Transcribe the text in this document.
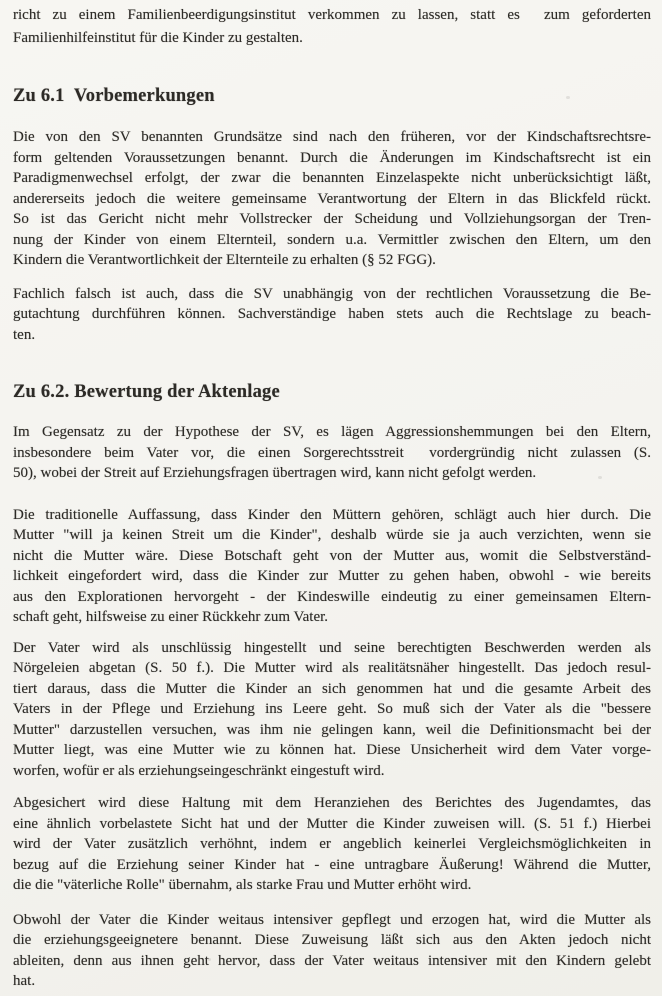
richt zu einem Familienbeerdigungsinstitut verkommen zu lassen, statt es  zum geforderten
Familienhilfeinstitut für die Kinder zu gestalten.
Zu 6.1  Vorbemerkungen
Die von den SV benannten Grundsätze sind nach den früheren, vor der Kindschaftsrechtsre-
form geltenden Voraussetzungen benannt. Durch die Änderungen im Kindschaftsrecht ist ein
Paradigmenwechsel erfolgt, der zwar die benannten Einzelaspekte nicht unberücksichtigt läßt,
andererseits jedoch die weitere gemeinsame Verantwortung der Eltern in das Blickfeld rückt.
So ist das Gericht nicht mehr Vollstrecker der Scheidung und Vollziehungsorgan der Tren-
nung der Kinder von einem Elternteil, sondern u.a. Vermittler zwischen den Eltern, um den
Kindern die Verantwortlichkeit der Elternteile zu erhalten (§ 52 FGG).
Fachlich falsch ist auch, dass die SV unabhängig von der rechtlichen Voraussetzung die Be-
gutachtung durchführen können. Sachverständige haben stets auch die Rechtslage zu beach-
ten.
Zu 6.2. Bewertung der Aktenlage
Im Gegensatz zu der Hypothese der SV, es lägen Aggressionshemmungen bei den Eltern,
insbesondere beim Vater vor, die einen Sorgerechtsstreit  vordergründig nicht zulassen (S.
50), wobei der Streit auf Erziehungsfragen übertragen wird, kann nicht gefolgt werden.
Die traditionelle Auffassung, dass Kinder den Müttern gehören, schlägt auch hier durch. Die
Mutter "will ja keinen Streit um die Kinder", deshalb würde sie ja auch verzichten, wenn sie
nicht die Mutter wäre. Diese Botschaft geht von der Mutter aus, womit die Selbstverständ-
lichkeit eingefordert wird, dass die Kinder zur Mutter zu gehen haben, obwohl - wie bereits
aus den Explorationen hervorgeht - der Kindeswille eindeutig zu einer gemeinsamen Eltern-
schaft geht, hilfsweise zu einer Rückkehr zum Vater.
Der Vater wird als unschlüssig hingestellt und seine berechtigten Beschwerden werden als
Nörgeleien abgetan (S. 50 f.). Die Mutter wird als realitätsnäher hingestellt. Das jedoch resul-
tiert daraus, dass die Mutter die Kinder an sich genommen hat und die gesamte Arbeit des
Vaters in der Pflege und Erziehung ins Leere geht. So muß sich der Vater als die "bessere
Mutter" darzustellen versuchen, was ihm nie gelingen kann, weil die Definitionsmacht bei der
Mutter liegt, was eine Mutter wie zu können hat. Diese Unsicherheit wird dem Vater vorge-
worfen, wofür er als erziehungseingeschränkt eingestuft wird.
Abgesichert wird diese Haltung mit dem Heranziehen des Berichtes des Jugendamtes, das
eine ähnlich vorbelastete Sicht hat und der Mutter die Kinder zuweisen will. (S. 51 f.) Hierbei
wird der Vater zusätzlich verhöhnt, indem er angeblich keinerlei Vergleichsmöglichkeiten in
bezug auf die Erziehung seiner Kinder hat - eine untragbare Äußerung! Während die Mutter,
die die "väterliche Rolle" übernahm, als starke Frau und Mutter erhöht wird.
Obwohl der Vater die Kinder weitaus intensiver gepflegt und erzogen hat, wird die Mutter als
die erziehungsgeeignetere benannt. Diese Zuweisung läßt sich aus den Akten jedoch nicht
ableiten, denn aus ihnen geht hervor, dass der Vater weitaus intensiver mit den Kindern gelebt
hat.
